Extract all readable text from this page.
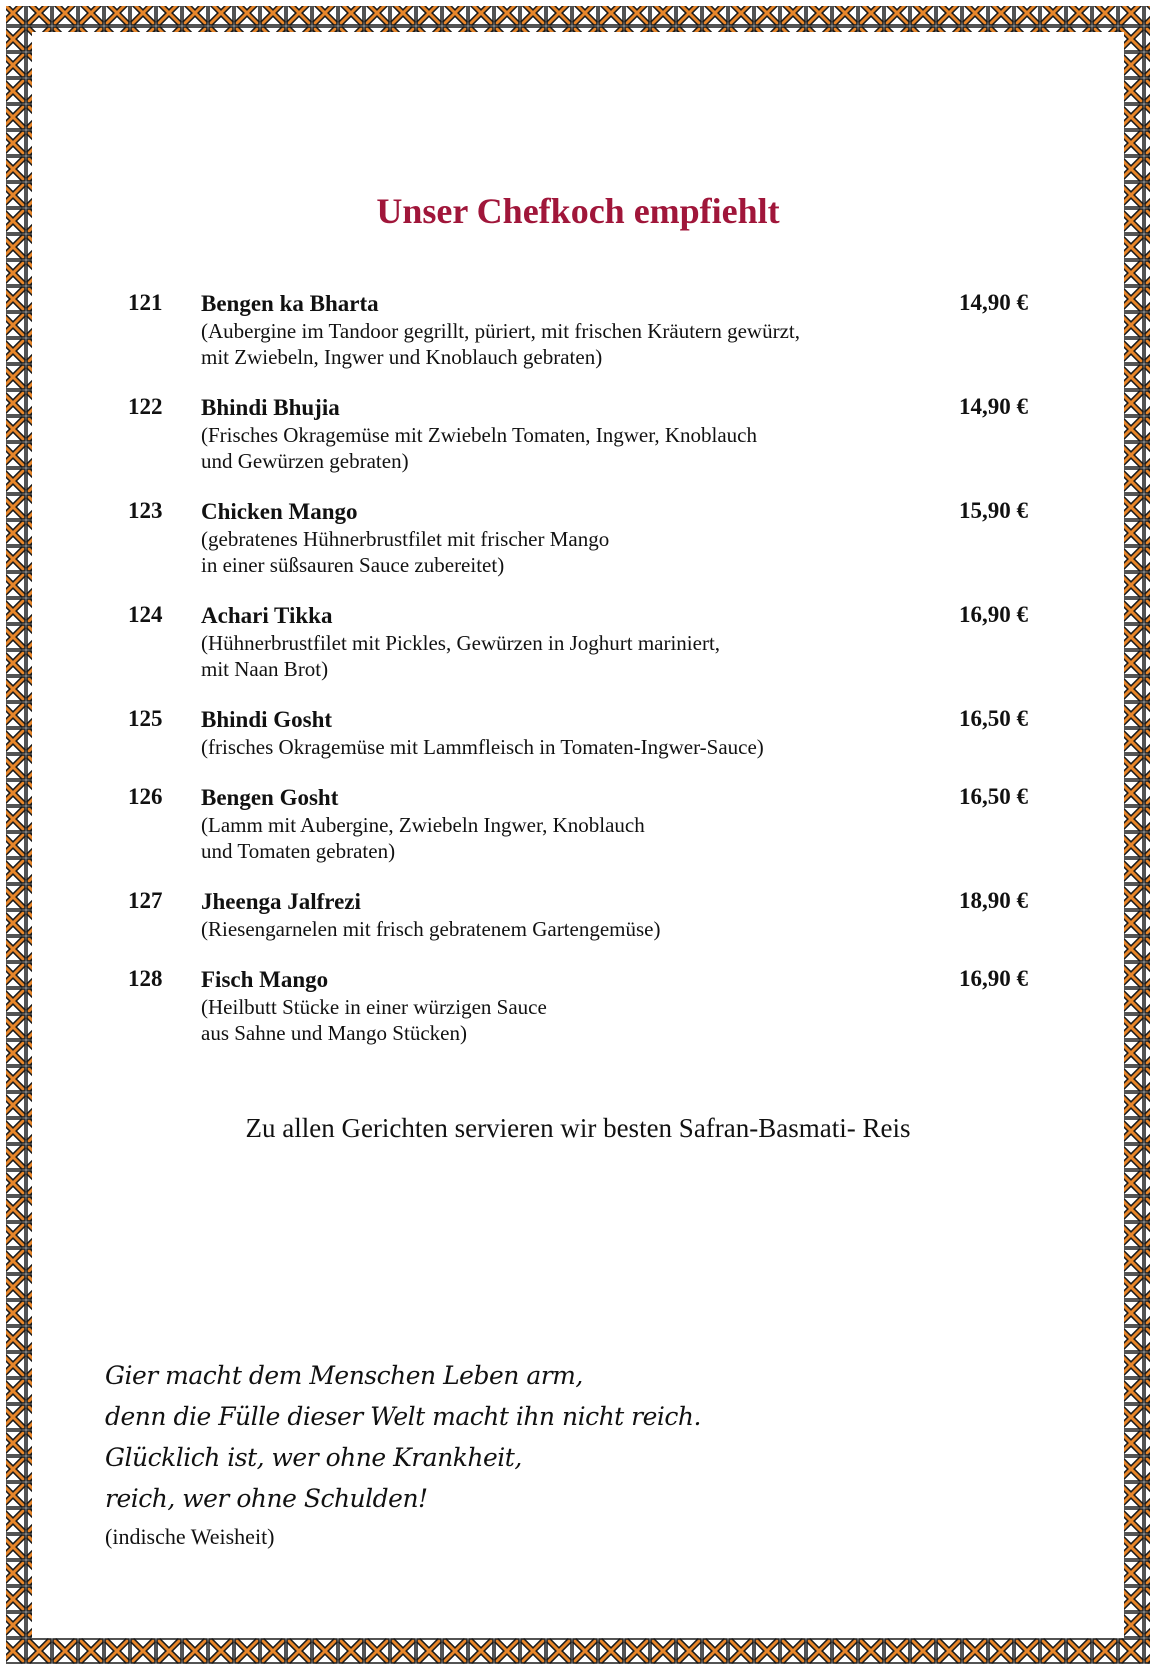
Unser Chefkoch empfiehlt
121 Bengen ka Bharta
(Aubergine im Tandoor gegrillt, püriert, mit frischen Kräutern gewürzt,
mit Zwiebeln, Ingwer und Knoblauch gebraten)
14,90 €
122 Bhindi Bhujia
(Frisches Okragemüse mit Zwiebeln Tomaten, Ingwer, Knoblauch
und Gewürzen gebraten)
14,90 €
123 Chicken Mango
(gebratenes Hühnerbrustfilet mit frischer Mango
in einer süßsauren Sauce zubereitet)
15,90 €
124 Achari Tikka
(Hühnerbrustfilet mit Pickles, Gewürzen in Joghurt mariniert,
mit Naan Brot)
16,90 €
125 Bhindi Gosht
(frisches Okragemüse mit Lammfleisch in Tomaten-Ingwer-Sauce)
16,50 €
126 Bengen Gosht
(Lamm mit Aubergine, Zwiebeln Ingwer, Knoblauch
und Tomaten gebraten)
16,50 €
127 Jheenga Jalfrezi
(Riesengarnelen mit frisch gebratenem Gartengemüse)
18,90 €
128 Fisch Mango
(Heilbutt Stücke in einer würzigen Sauce
aus Sahne und Mango Stücken)
16,90 €
Zu allen Gerichten servieren wir besten Safran-Basmati- Reis
Gier macht dem Menschen Leben arm,
denn die Fülle dieser Welt macht ihn nicht reich.
Glücklich ist, wer ohne Krankheit,
reich, wer ohne Schulden!
(indische Weisheit)
